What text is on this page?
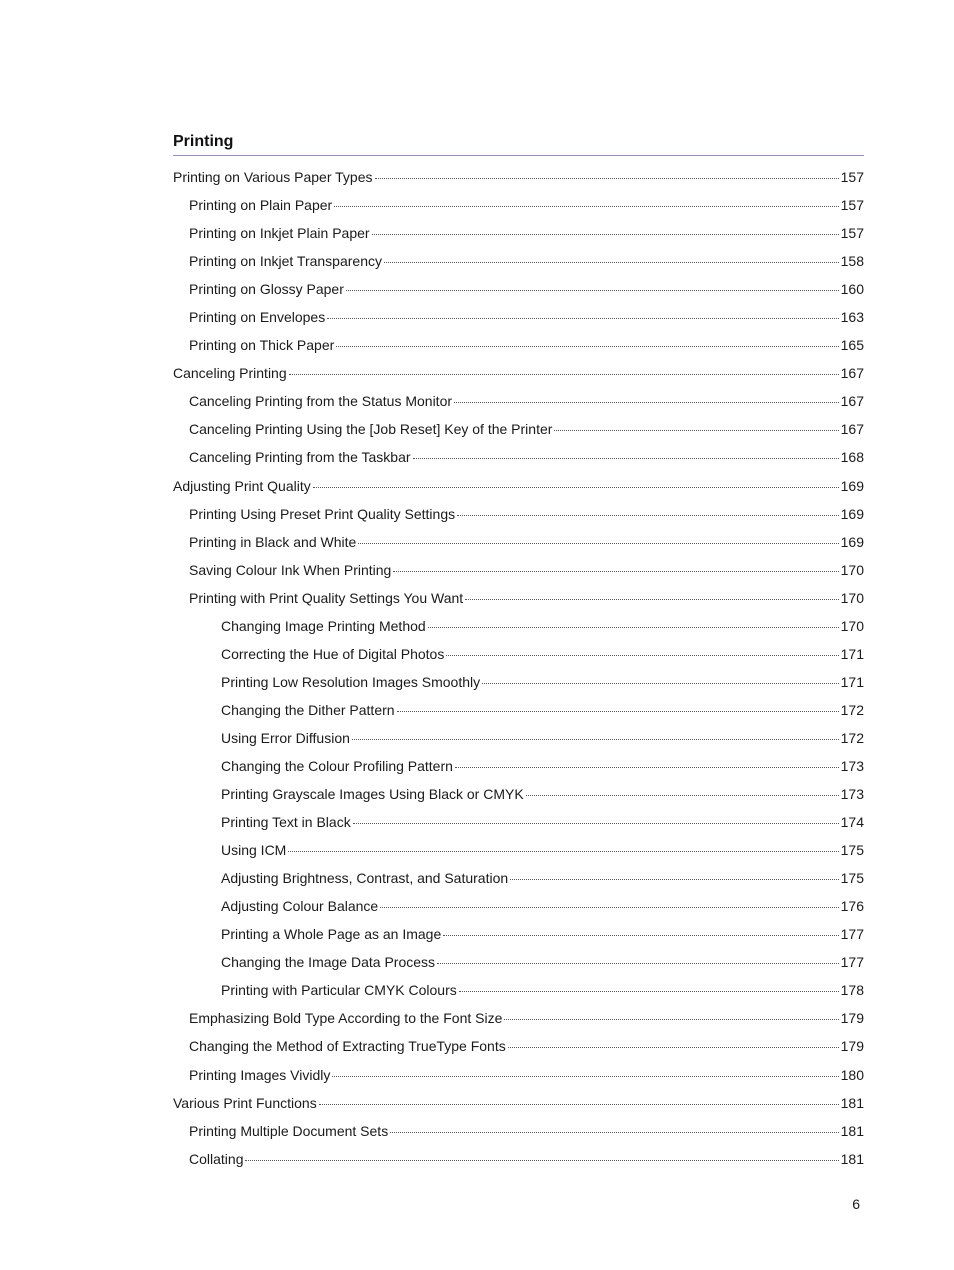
Printing
Printing on Various Paper Types	157
Printing on Plain Paper	157
Printing on Inkjet Plain Paper	157
Printing on Inkjet Transparency	158
Printing on Glossy Paper	160
Printing on Envelopes	163
Printing on Thick Paper	165
Canceling Printing	167
Canceling Printing from the Status Monitor	167
Canceling Printing Using the [Job Reset] Key of the Printer	167
Canceling Printing from the Taskbar	168
Adjusting Print Quality	169
Printing Using Preset Print Quality Settings	169
Printing in Black and White	169
Saving Colour Ink When Printing	170
Printing with Print Quality Settings You Want	170
Changing Image Printing Method	170
Correcting the Hue of Digital Photos	171
Printing Low Resolution Images Smoothly	171
Changing the Dither Pattern	172
Using Error Diffusion	172
Changing the Colour Profiling Pattern	173
Printing Grayscale Images Using Black or CMYK	173
Printing Text in Black	174
Using ICM	175
Adjusting Brightness, Contrast, and Saturation	175
Adjusting Colour Balance	176
Printing a Whole Page as an Image	177
Changing the Image Data Process	177
Printing with Particular CMYK Colours	178
Emphasizing Bold Type According to the Font Size	179
Changing the Method of Extracting TrueType Fonts	179
Printing Images Vividly	180
Various Print Functions	181
Printing Multiple Document Sets	181
Collating	181
6
